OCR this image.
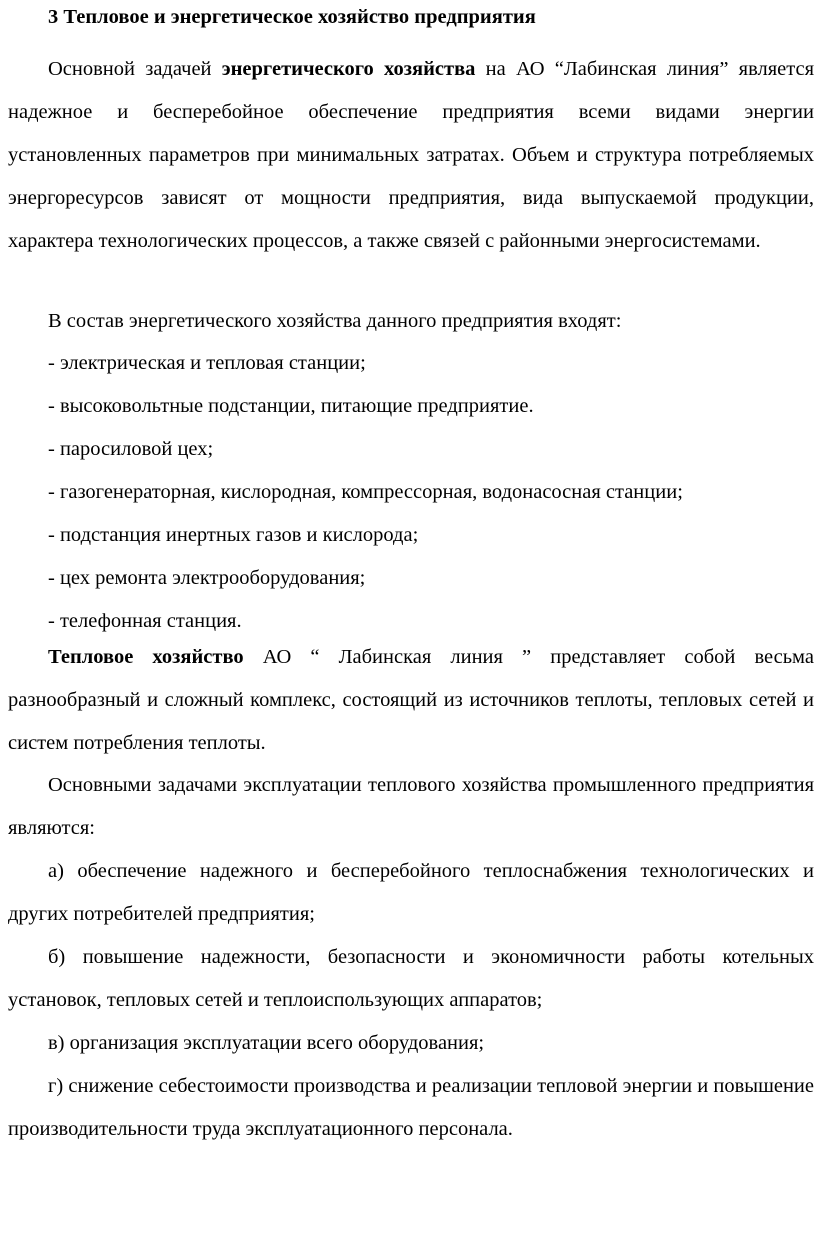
3 Тепловое и энергетическое хозяйство предприятия

Основной задачей энергетического хозяйства на АО “Лабинская линия” является надежное и бесперебойное обеспечение предприятия всеми видами энергии установленных параметров при минимальных затратах. Объем и структура потребляемых энергоресурсов зависят от мощности предприятия, вида выпускаемой продукции, характера технологических процессов, а также связей с районными энергосистемами.

В состав энергетического хозяйства данного предприятия входят:

- электрическая и тепловая станции;
- высоковольтные подстанции, питающие предприятие.
- паросиловой цех;
- газогенераторная, кислородная, компрессорная, водонасосная станции;
- подстанция инертных газов и кислорода;
- цех ремонта электрооборудования;
- телефонная станция.

Тепловое хозяйство АО “ Лабинская линия ” представляет собой весьма разнообразный и сложный комплекс, состоящий из источников теплоты, тепловых сетей и систем потребления теплоты.

Основными задачами эксплуатации теплового хозяйства промышленного предприятия являются:

а) обеспечение надежного и бесперебойного теплоснабжения технологических и других потребителей предприятия;

б) повышение надежности, безопасности и экономичности работы котельных установок, тепловых сетей и теплоиспользующих аппаратов;

в) организация эксплуатации всего оборудования;

г) снижение себестоимости производства и реализации тепловой энергии и повышение производительности труда эксплуатационного персонала.
